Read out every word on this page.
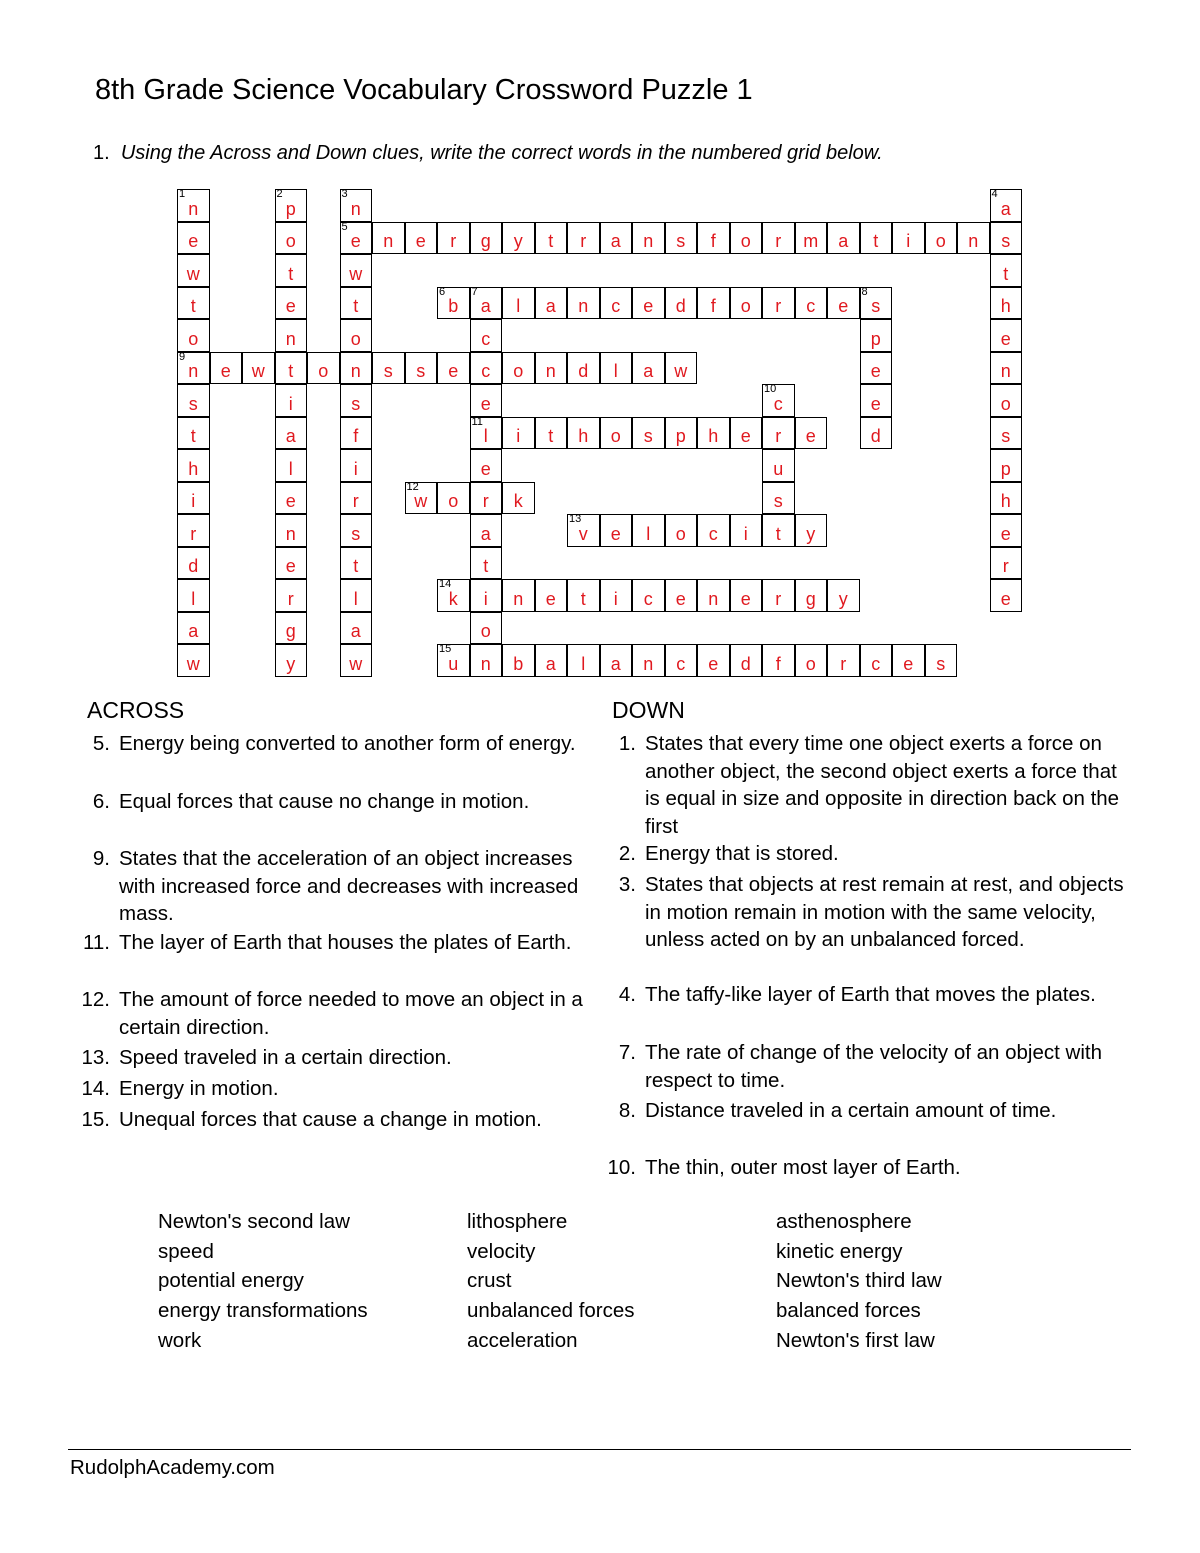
8th Grade Science Vocabulary Crossword Puzzle 1
1. Using the Across and Down clues, write the correct words in the numbered grid below.
1
n
e
w
t
o
9
n
s
t
h
i
r
d
l
a
w
2
p
o
t
e
n
t
i
a
l
e
n
e
r
g
y
3
n
5
e
w
t
o
n
s
f
i
r
s
t
l
a
w
4
a
s
t
h
e
n
o
s
p
h
e
r
e
n	e	r	g	y	t	r	a	n	s	f	o	r	m	a	t	i	o	n
6
b
7
a	l	a	n	c	e	d	f	o	r	c	e
8
s
c
c
e
11
l
e
r
a
t
i
o
n
p
e
e
d
e	w	o	s	s	e	o	n	d	l	a	w
10
c
r
u
s
t
i	t	h	o	s	p	h	e	e
12
w	o	k
13
v	e	l	o	c	i	y
14
k	n	e	t	i	c	e	n	e	r	g	y
15
u	b	a	l	a	n	c	e	d	f	o	r	c	e	s
ACROSS	DOWN
5. Energy being converted to another form of energy.
6. Equal forces that cause no change in motion.
9. States that the acceleration of an object increases with increased force and decreases with increased mass.
11. The layer of Earth that houses the plates of Earth.
12. The amount of force needed to move an object in a certain direction.
13. Speed traveled in a certain direction.
14. Energy in motion.
15. Unequal forces that cause a change in motion.
1. States that every time one object exerts a force on another object, the second object exerts a force that is equal in size and opposite in direction back on the first
2. Energy that is stored.
3. States that objects at rest remain at rest, and objects in motion remain in motion with the same velocity, unless acted on by an unbalanced forced.
4. The taffy-like layer of Earth that moves the plates.
7. The rate of change of the velocity of an object with respect to time.
8. Distance traveled in a certain amount of time.
10. The thin, outer most layer of Earth.
Newton's second law
speed
potential energy
energy transformations
work
lithosphere
velocity
crust
unbalanced forces
acceleration
asthenosphere
kinetic energy
Newton's third law
balanced forces
Newton's first law
RudolphAcademy.com
